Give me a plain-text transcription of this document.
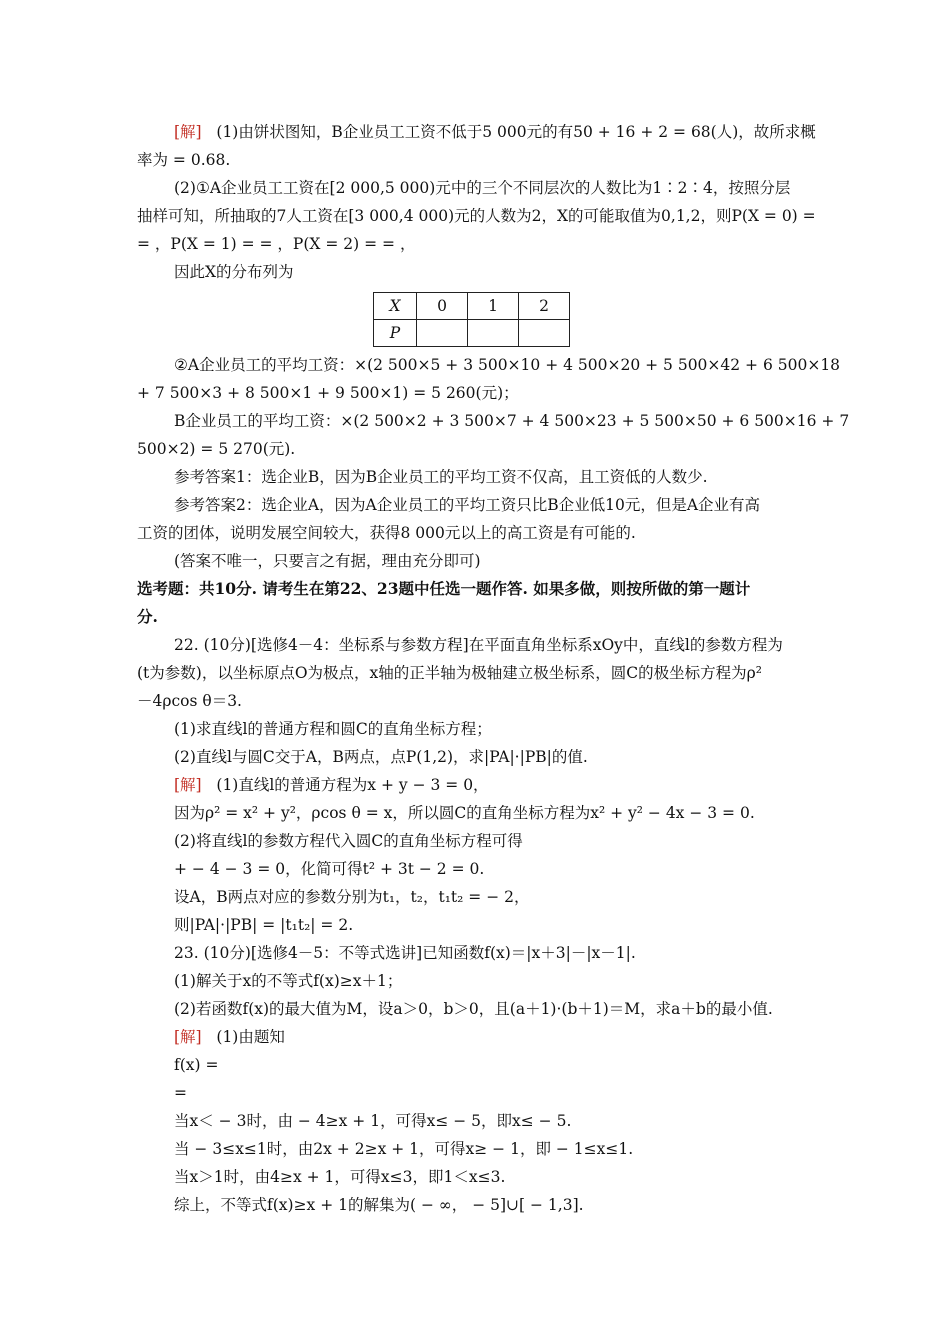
[解] (1)由饼状图知，B企业员工工资不低于5 000元的有50 + 16 + 2 = 68(人)，故所求概
率为 = 0.68.
(2)①A企业员工工资在[2 000,5 000)元中的三个不同层次的人数比为1∶2∶4，按照分层
抽样可知，所抽取的7人工资在[3 000,4 000)元的人数为2，X的可能取值为0,1,2，则P(X = 0) =
= ，P(X = 1) = = ，P(X = 2) = = ，
因此X的分布列为
X	0	1	2
P			
②A企业员工的平均工资：×(2 500×5 + 3 500×10 + 4 500×20 + 5 500×42 + 6 500×18
+ 7 500×3 + 8 500×1 + 9 500×1) = 5 260(元)；
B企业员工的平均工资：×(2 500×2 + 3 500×7 + 4 500×23 + 5 500×50 + 6 500×16 + 7
500×2) = 5 270(元).
参考答案1：选企业B，因为B企业员工的平均工资不仅高，且工资低的人数少.
参考答案2：选企业A，因为A企业员工的平均工资只比B企业低10元，但是A企业有高
工资的团体，说明发展空间较大，获得8 000元以上的高工资是有可能的.
(答案不唯一，只要言之有据，理由充分即可)
选考题：共10分. 请考生在第22、23题中任选一题作答. 如果多做，则按所做的第一题计
分.
22. (10分)[选修4－4：坐标系与参数方程]在平面直角坐标系xOy中，直线l的参数方程为
(t为参数)，以坐标原点O为极点，x轴的正半轴为极轴建立极坐标系，圆C的极坐标方程为ρ²
－4ρcos θ＝3.
(1)求直线l的普通方程和圆C的直角坐标方程；
(2)直线l与圆C交于A，B两点，点P(1,2)，求|PA|·|PB|的值.
[解] (1)直线l的普通方程为x + y − 3 = 0，
因为ρ² = x² + y²，ρcos θ = x，所以圆C的直角坐标方程为x² + y² − 4x − 3 = 0.
(2)将直线l的参数方程代入圆C的直角坐标方程可得
+ − 4 − 3 = 0，化简可得t² + 3t − 2 = 0.
设A，B两点对应的参数分别为t₁，t₂，t₁t₂ = − 2，
则|PA|·|PB| = |t₁t₂| = 2.
23. (10分)[选修4－5：不等式选讲]已知函数f(x)＝|x＋3|－|x－1|.
(1)解关于x的不等式f(x)≥x＋1；
(2)若函数f(x)的最大值为M，设a＞0，b＞0，且(a＋1)·(b＋1)＝M，求a＋b的最小值.
[解] (1)由题知
f(x) =
=
当x＜ − 3时，由 − 4≥x + 1，可得x≤ − 5，即x≤ − 5.
当 − 3≤x≤1时，由2x + 2≥x + 1，可得x≥ − 1，即 − 1≤x≤1.
当x＞1时，由4≥x + 1，可得x≤3，即1＜x≤3.
综上，不等式f(x)≥x + 1的解集为( − ∞， − 5]∪[ − 1,3].
